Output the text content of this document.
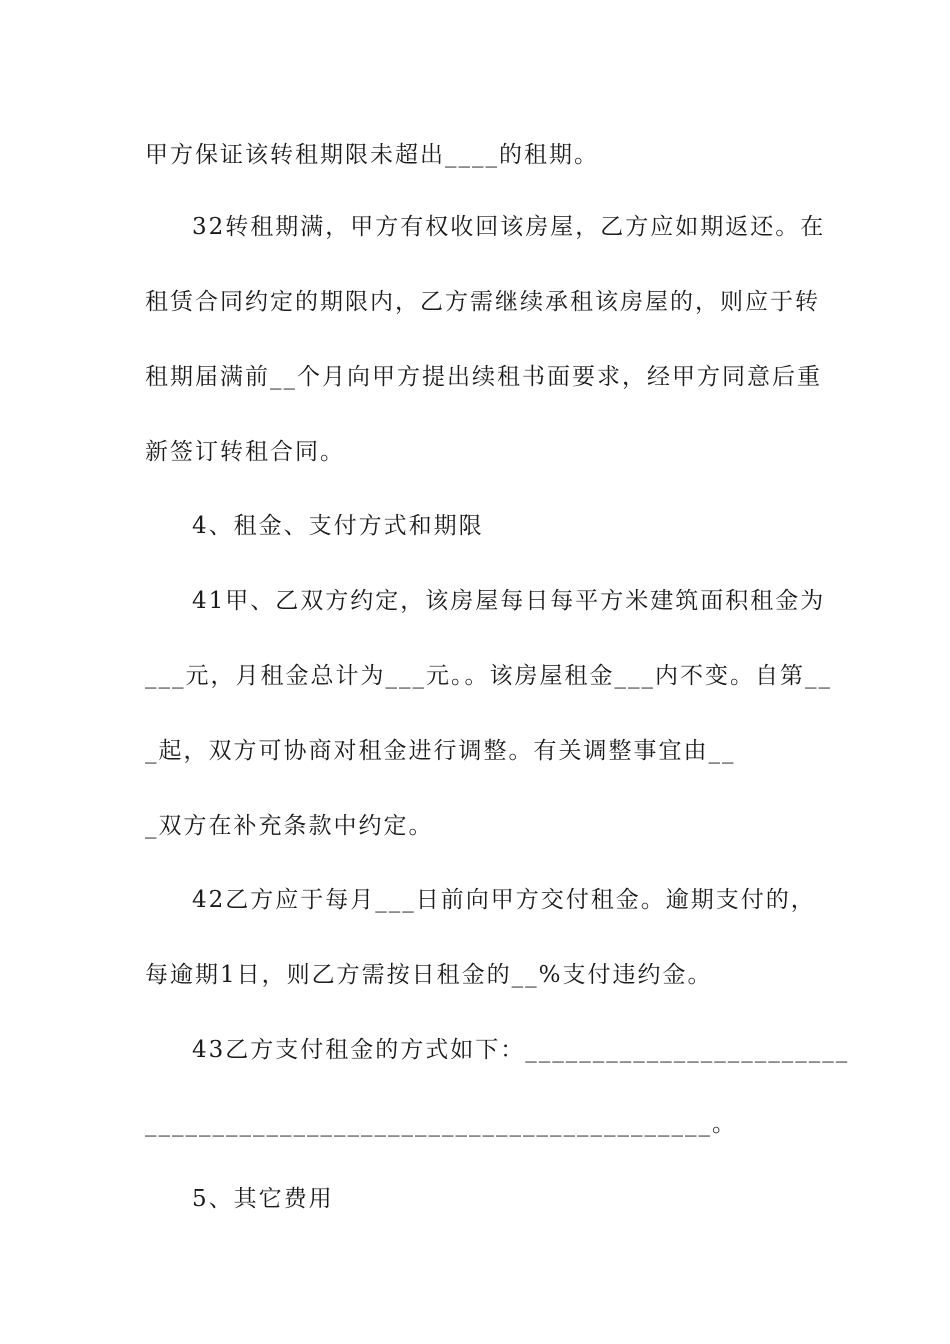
甲方保证该转租期限未超出____的租期。
32转租期满，甲方有权收回该房屋，乙方应如期返还。在
租赁合同约定的期限内，乙方需继续承租该房屋的，则应于转
租期届满前__个月向甲方提出续租书面要求，经甲方同意后重
新签订转租合同。
4、租金、支付方式和期限
41甲、乙双方约定，该房屋每日每平方米建筑面积租金为
___元，月租金总计为___元。。该房屋租金___内不变。自第__
_起，双方可协商对租金进行调整。有关调整事宜由__
_双方在补充条款中约定。
42乙方应于每月___日前向甲方交付租金。逾期支付的，
每逾期1日，则乙方需按日租金的__%支付违约金。
43乙方支付租金的方式如下：________________________
__________________________________________。
5、其它费用
